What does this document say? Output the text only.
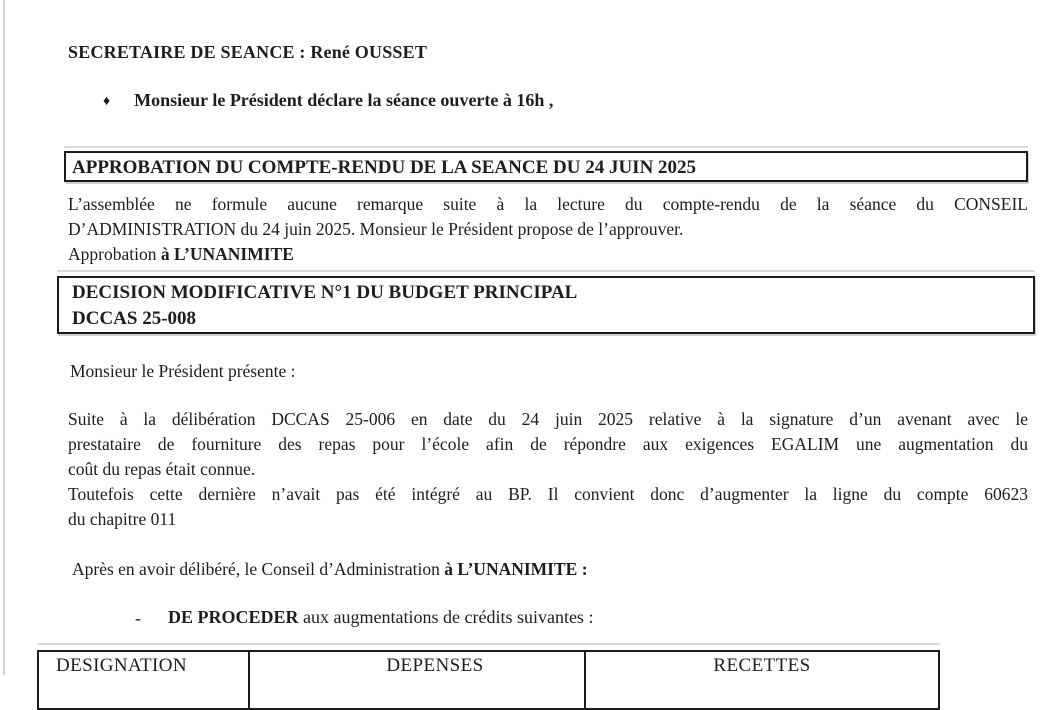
SECRETAIRE DE SEANCE : René OUSSET
♦ Monsieur le Président déclare la séance ouverte à 16h ,
APPROBATION DU COMPTE-RENDU DE LA SEANCE DU 24 JUIN 2025
L’assemblée ne formule aucune remarque suite à la lecture du compte-rendu de la séance du CONSEIL
D’ADMINISTRATION du 24 juin 2025. Monsieur le Président propose de l’approuver.
Approbation à L’UNANIMITE
DECISION MODIFICATIVE N°1 DU BUDGET PRINCIPAL
DCCAS 25-008
Monsieur le Président présente :
Suite à la délibération DCCAS 25-006 en date du 24 juin 2025 relative à la signature d’un avenant avec le
prestataire de fourniture des repas pour l’école afin de répondre aux exigences EGALIM une augmentation du
coût du repas était connue.
Toutefois cette dernière n’avait pas été intégré au BP. Il convient donc d’augmenter la ligne du compte 60623
du chapitre 011
Après en avoir délibéré, le Conseil d’Administration à L’UNANIMITE :
- DE PROCEDER aux augmentations de crédits suivantes :
DESIGNATION	DEPENSES	RECETTES
